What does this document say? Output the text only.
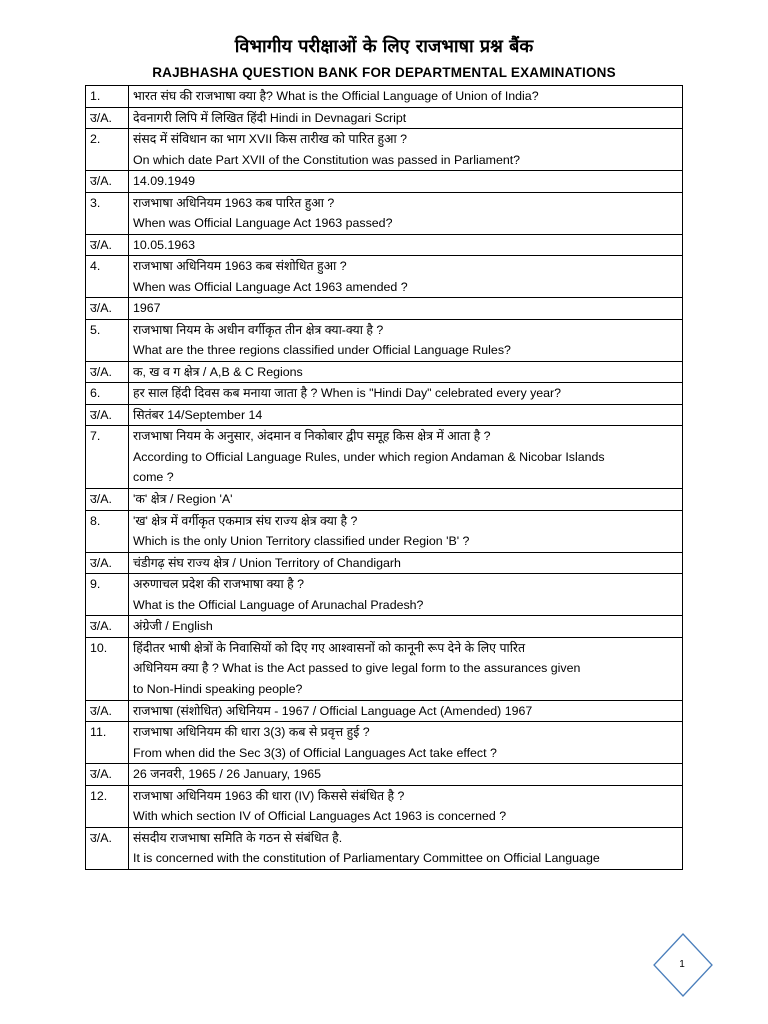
विभागीय परीक्षाओं के लिए राजभाषा प्रश्न बैंक
RAJBHASHA QUESTION BANK FOR DEPARTMENTAL EXAMINATIONS
1.	भारत संघ की राजभाषा क्या है? What is the Official Language of Union of India?

उ/A.	देवनागरी लिपि में लिखित हिंदी Hindi in Devnagari Script

2.	संसद में संविधान का भाग XVII किस तारीख को पारित हुआ ?
On which date Part XVII of the Constitution was passed in Parliament?

उ/A.	14.09.1949

3.	राजभाषा अधिनियम 1963 कब पारित हुआ ?
When was Official Language Act 1963 passed?

उ/A.	10.05.1963

4.	राजभाषा अधिनियम 1963 कब संशोधित हुआ ?
When was Official Language Act 1963 amended ?

उ/A.	1967

5.	राजभाषा नियम के अधीन वर्गीकृत तीन क्षेत्र क्या-क्या है ?
What are the three regions classified under Official Language Rules?

उ/A.	क, ख व ग क्षेत्र / A,B & C Regions

6.	हर साल हिंदी दिवस कब मनाया जाता है ? When is "Hindi Day" celebrated every year?

उ/A.	सितंबर 14/September 14

7.	राजभाषा नियम के अनुसार, अंदमान व निकोबार द्वीप समूह किस क्षेत्र में आता है ?
According to Official Language Rules, under which region Andaman & Nicobar Islands
come ?

उ/A.	'क' क्षेत्र / Region 'A'

8.	'ख' क्षेत्र में वर्गीकृत एकमात्र संघ राज्य क्षेत्र क्या है ?
Which is the only Union Territory classified under Region 'B' ?

उ/A.	चंडीगढ़ संघ राज्य क्षेत्र / Union Territory of Chandigarh

9.	अरुणाचल प्रदेश की राजभाषा क्या है ?
What is the Official Language of Arunachal Pradesh?

उ/A.	अंग्रेजी / English

10.	हिंदीतर भाषी क्षेत्रों के निवासियों को दिए गए आश्वासनों को कानूनी रूप देने के लिए पारित
अधिनियम क्या है ? What is the Act passed to give legal form to the assurances given
to Non-Hindi speaking people?

उ/A.	राजभाषा (संशोधित) अधिनियम - 1967 / Official Language Act (Amended) 1967

11.	राजभाषा अधिनियम की धारा 3(3) कब से प्रवृत्त हुई ?
From when did the Sec 3(3) of Official Languages Act take effect ?

उ/A.	26 जनवरी, 1965 / 26 January, 1965

12.	राजभाषा अधिनियम 1963 की धारा (IV) किससे संबंधित है ?
With which section IV of Official Languages Act 1963 is concerned ?

उ/A.	संसदीय राजभाषा समिति के गठन से संबंधित है.
It is concerned with the constitution of Parliamentary Committee on Official Language
1
